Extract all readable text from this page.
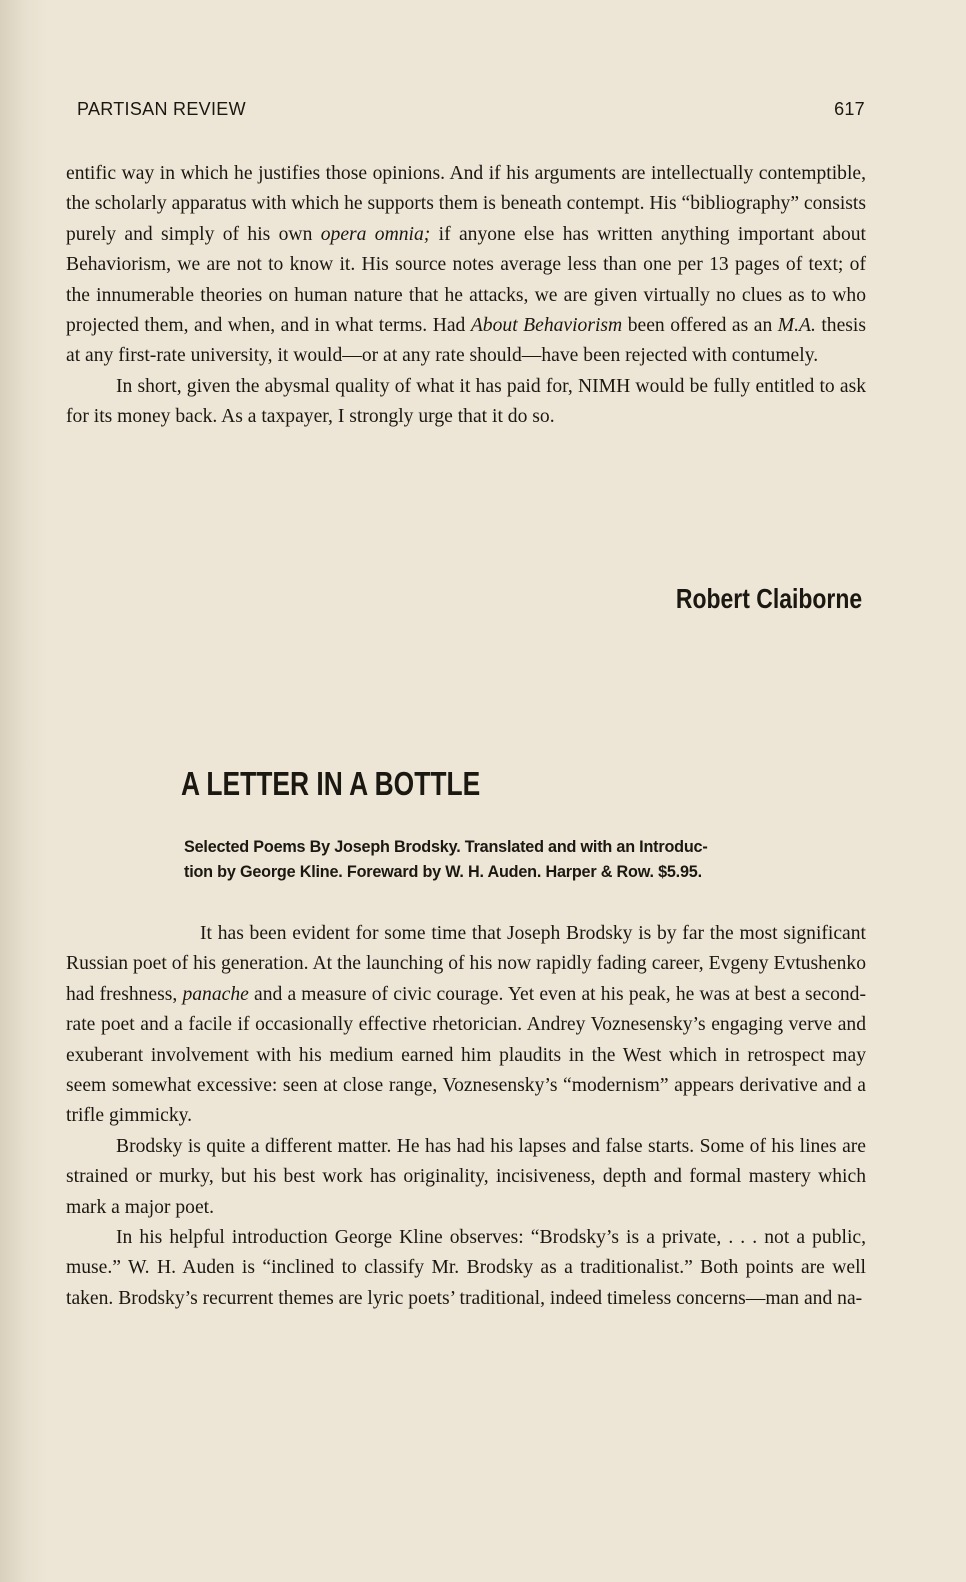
PARTISAN REVIEW	617

entific way in which he justifies those opinions. And if his arguments are intellectually contemptible, the scholarly apparatus with which he supports them is beneath contempt. His “bibliography” consists purely and simply of his own opera omnia; if anyone else has written anything important about Behaviorism, we are not to know it. His source notes average less than one per 13 pages of text; of the innumerable theories on human nature that he attacks, we are given virtually no clues as to who projected them, and when, and in what terms. Had About Behaviorism been offered as an M.A. thesis at any first-rate university, it would—or at any rate should—have been rejected with contumely.

In short, given the abysmal quality of what it has paid for, NIMH would be fully entitled to ask for its money back. As a taxpayer, I strongly urge that it do so.

Robert Claiborne
A LETTER IN A BOTTLE
Selected Poems By Joseph Brodsky. Translated and with an Introduc-
tion by George Kline. Foreward by W. H. Auden. Harper & Row. $5.95.

It has been evident for some time that Joseph Brodsky is by far the most significant Russian poet of his generation. At the launching of his now rapidly fading career, Evgeny Evtushenko had freshness, panache and a measure of civic courage. Yet even at his peak, he was at best a second-rate poet and a facile if occasionally effective rhetorician. Andrey Voznesensky’s engaging verve and exuberant involvement with his medium earned him plaudits in the West which in retrospect may seem somewhat excessive: seen at close range, Voznesensky’s “modernism” appears derivative and a trifle gimmicky.

Brodsky is quite a different matter. He has had his lapses and false starts. Some of his lines are strained or murky, but his best work has originality, incisiveness, depth and formal mastery which mark a major poet.

In his helpful introduction George Kline observes: “Brodsky’s is a private, . . . not a public, muse.” W. H. Auden is “inclined to classify Mr. Brodsky as a traditionalist.” Both points are well taken. Brodsky’s recurrent themes are lyric poets’ traditional, indeed timeless concerns—man and na-
